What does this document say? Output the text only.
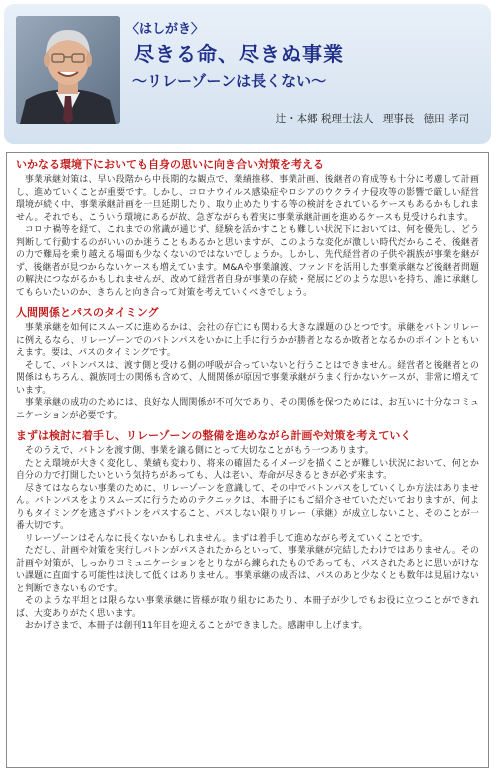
〈はしがき〉
尽きる命、尽きぬ事業
～リレーゾーンは長くない～
辻・本郷 税理士法人 理事長 徳田 孝司
いかなる環境下においても自身の思いに向き合い対策を考える

事業承継対策は、早い段階から中長期的な観点で、業績推移、事業計画、後継者の育成等も十分に考慮して計画し、進めていくことが重要です。しかし、コロナウイルス感染症やロシアのウクライナ侵攻等の影響で厳しい経営環境が続く中、事業承継計画を一旦延期したり、取り止めたりする等の検討をされているケースもあるかもしれません。それでも、こういう環境にあるが故、急ぎながらも着実に事業承継計画を進めるケースも見受けられます。

コロナ禍等を経て、これまでの常識が通じず、経験を活かすことも難しい状況下においては、何を優先し、どう判断して行動するのがいいのか迷うこともあるかと思いますが、このような変化が激しい時代だからこそ、後継者の力で難局を乗り越える場面も少なくないのではないでしょうか。しかし、先代経営者の子供や親族が事業を継がず、後継者が見つからないケースも増えています。M&Aや事業譲渡、ファンドを活用した事業承継など後継者問題の解決につながるかもしれませんが、改めて経営者自身が事業の存続・発展にどのような思いを持ち、誰に承継してもらいたいのか、きちんと向き合って対策を考えていくべきでしょう。

人間関係とパスのタイミング

事業承継を如何にスムーズに進めるかは、会社の存亡にも関わる大きな課題のひとつです。承継をバトンリレーに例えるなら、リレーゾーンでのバトンパスをいかに上手に行うかが勝者となるか敗者となるかのポイントともいえます。要は、パスのタイミングです。

そして、バトンパスは、渡す側と受ける側の呼吸が合っていないと行うことはできません。経営者と後継者との関係はもちろん、親族同士の関係も含めて、人間関係が原因で事業承継がうまく行かないケースが、非常に増えています。

事業承継の成功のためには、良好な人間関係が不可欠であり、その関係を保つためには、お互いに十分なコミュニケーションが必要です。

まずは検討に着手し、リレーゾーンの整備を進めながら計画や対策を考えていく

そのうえで、バトンを渡す側、事業を譲る側にとって大切なことがもう一つあります。

たとえ環境が大きく変化し、業績も変わり、将来の確固たるイメージを描くことが難しい状況において、何とか自分の力で打開したいという気持ちがあっても、人は老い、寿命が尽きるときが必ず来ます。

尽きてはならない事業のために、リレーゾーンを意識して、その中でバトンパスをしていくしか方法はありません。バトンパスをよりスムーズに行うためのテクニックは、本冊子にもご紹介させていただいておりますが、何よりもタイミングを逃さずバトンをパスすること、パスしない限りリレー（承継）が成立しないこと、そのことが一番大切です。

リレーゾーンはそんなに長くないかもしれません。まずは着手して進めながら考えていくことです。

ただし、計画や対策を実行しバトンがパスされたからといって、事業承継が完結したわけではありません。その計画や対策が、しっかりコミュニケーションをとりながら練られたものであっても、パスされたあとに思いがけない課題に直面する可能性は決して低くはありません。事業承継の成否は、パスのあと少なくとも数年は見届けないと判断できないものです。

そのような平坦とは限らない事業承継に皆様が取り組むにあたり、本冊子が少しでもお役に立つことができれば、大変ありがたく思います。

おかげさまで、本冊子は創刊11年目を迎えることができました。感謝申し上げます。
